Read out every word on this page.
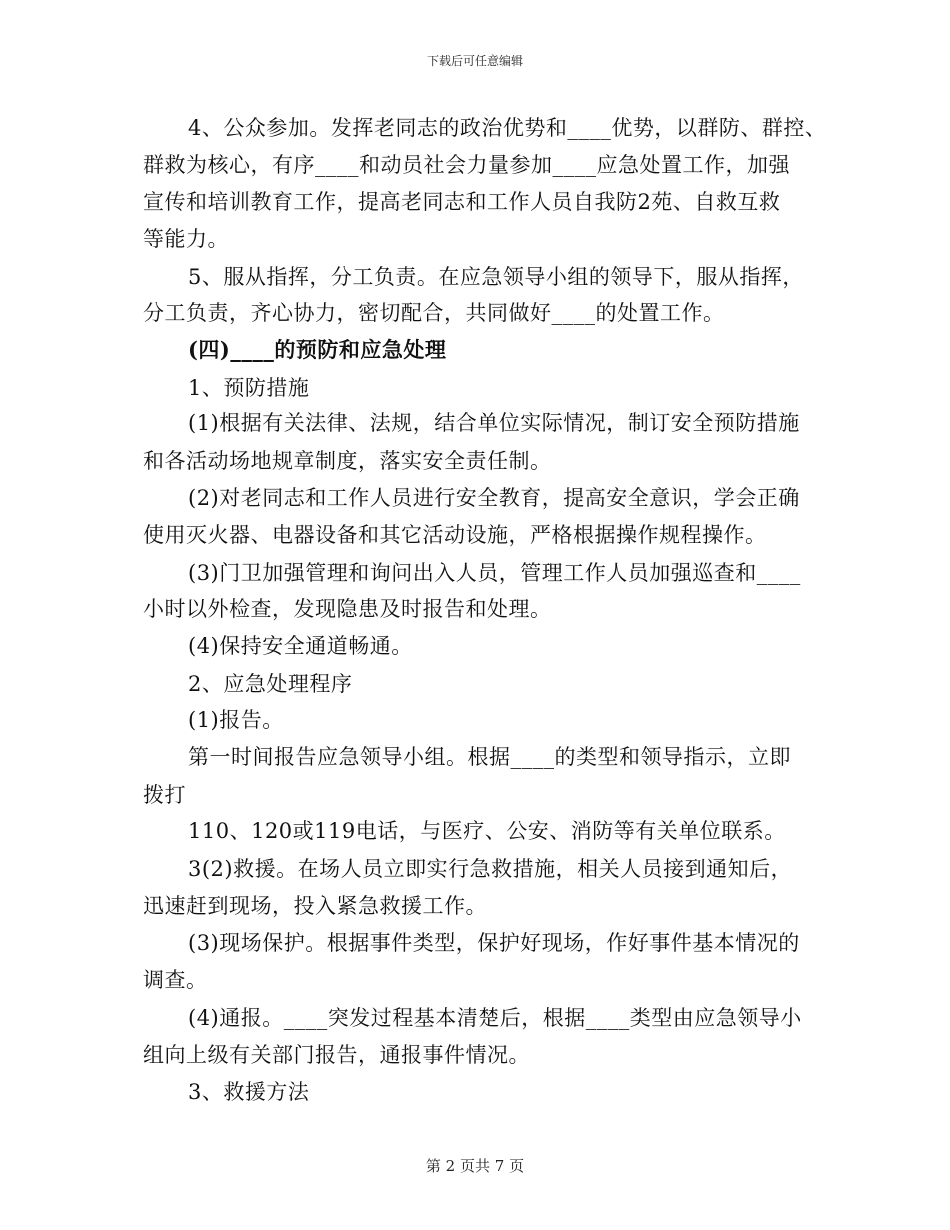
下载后可任意编辑
4、公众参加。发挥老同志的政治优势和____优势，以群防、群控、
群救为核心，有序____和动员社会力量参加____应急处置工作，加强
宣传和培训教育工作，提高老同志和工作人员自我防2苑、自救互救
等能力。
5、服从指挥，分工负责。在应急领导小组的领导下，服从指挥，
分工负责，齐心协力，密切配合，共同做好____的处置工作。
(四)____的预防和应急处理
1、预防措施
(1)根据有关法律、法规，结合单位实际情况，制订安全预防措施
和各活动场地规章制度，落实安全责任制。
(2)对老同志和工作人员进行安全教育，提高安全意识，学会正确
使用灭火器、电器设备和其它活动设施，严格根据操作规程操作。
(3)门卫加强管理和询问出入人员，管理工作人员加强巡查和____
小时以外检查，发现隐患及时报告和处理。
(4)保持安全通道畅通。
2、应急处理程序
(1)报告。
第一时间报告应急领导小组。根据____的类型和领导指示，立即
拨打
110、120或119电话，与医疗、公安、消防等有关单位联系。
3(2)救援。在场人员立即实行急救措施，相关人员接到通知后，
迅速赶到现场，投入紧急救援工作。
(3)现场保护。根据事件类型，保护好现场，作好事件基本情况的
调查。
(4)通报。____突发过程基本清楚后，根据____类型由应急领导小
组向上级有关部门报告，通报事件情况。
3、救援方法
第 2 页共 7 页
